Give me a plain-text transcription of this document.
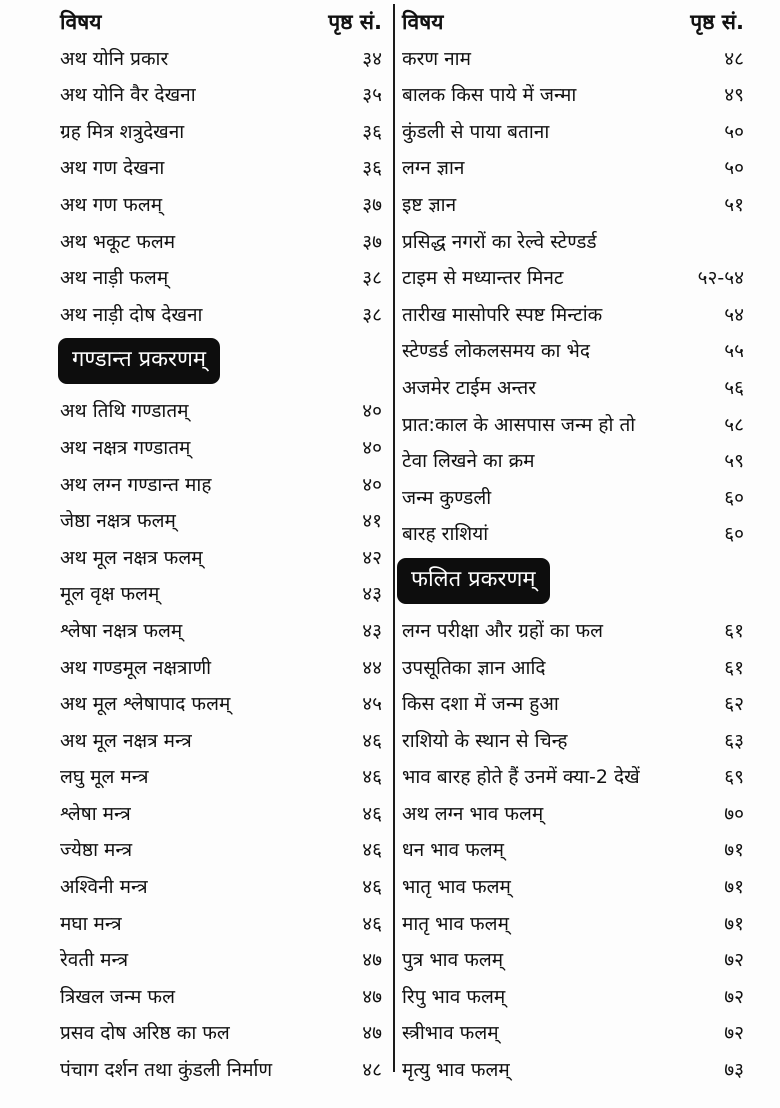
विषय	पृष्ठ सं.
अथ योनि प्रकार	३४
अथ योनि वैर देखना	३५
ग्रह मित्र शत्रुदेखना	३६
अथ गण देखना	३६
अथ गण फलम्	३७
अथ भकूट फलम	३७
अथ नाड़ी फलम्	३८
अथ नाड़ी दोष देखना	३८
गण्डान्त प्रकरणम्
अथ तिथि गण्डातम्	४०
अथ नक्षत्र गण्डातम्	४०
अथ लग्न गण्डान्त माह	४०
जेष्ठा नक्षत्र फलम्	४१
अथ मूल नक्षत्र फलम्	४२
मूल वृक्ष फलम्	४३
श्लेषा नक्षत्र फलम्	४३
अथ गण्डमूल नक्षत्राणी	४४
अथ मूल श्लेषापाद फलम्	४५
अथ मूल नक्षत्र मन्त्र	४६
लघु मूल मन्त्र	४६
श्लेषा मन्त्र	४६
ज्येष्ठा मन्त्र	४६
अश्विनी मन्त्र	४६
मघा मन्त्र	४६
रेवती मन्त्र	४७
त्रिखल जन्म फल	४७
प्रसव दोष अरिष्ठ का फल	४७
पंचाग दर्शन तथा कुंडली निर्माण	४८
विषय	पृष्ठ सं.
करण नाम	४८
बालक किस पाये में जन्मा	४९
कुंडली से पाया बताना	५०
लग्न ज्ञान	५०
इष्ट ज्ञान	५१
प्रसिद्ध नगरों का रेल्वे स्टेण्डर्ड
टाइम से मध्यान्तर मिनट	५२-५४
तारीख मासोपरि स्पष्ट मिन्टांक	५४
स्टेण्डर्ड लोकलसमय का भेद	५५
अजमेर टाईम अन्तर	५६
प्रात:काल के आसपास जन्म हो तो	५८
टेवा लिखने का क्रम	५९
जन्म कुण्डली	६०
बारह राशियां	६०
फलित प्रकरणम्
लग्न परीक्षा और ग्रहों का फल	६१
उपसूतिका ज्ञान आदि	६१
किस दशा में जन्म हुआ	६२
राशियो के स्थान से चिन्ह	६३
भाव बारह होते हैं उनमें क्या-2 देखें	६९
अथ लग्न भाव फलम्	७०
धन भाव फलम्	७१
भातृ भाव फलम्	७१
मातृ भाव फलम्	७१
पुत्र भाव फलम्	७२
रिपु भाव फलम्	७२
स्त्रीभाव फलम्	७२
मृत्यु भाव फलम्	७३
